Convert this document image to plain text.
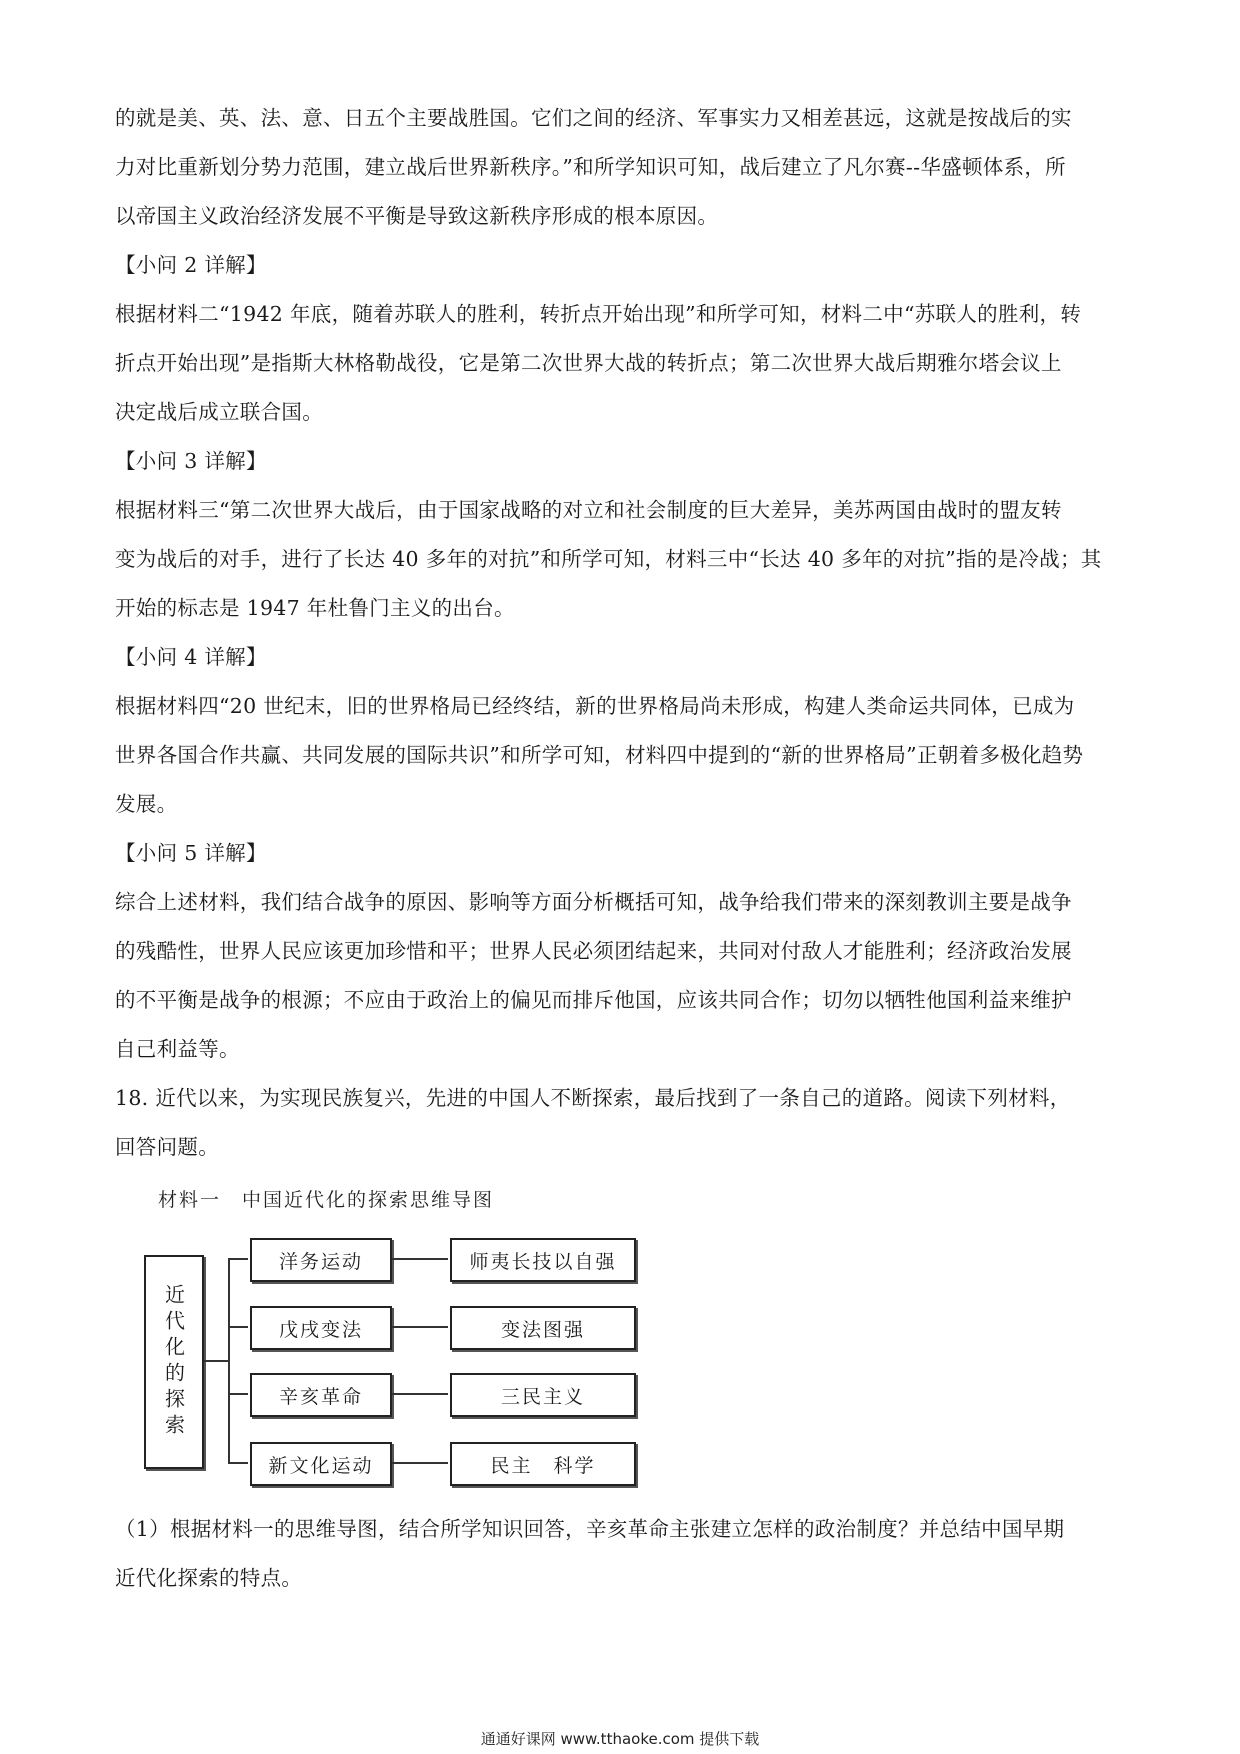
的就是美、英、法、意、日五个主要战胜国。它们之间的经济、军事实力又相差甚远，这就是按战后的实
力对比重新划分势力范围，建立战后世界新秩序。”和所学知识可知，战后建立了凡尔赛--华盛顿体系，所
以帝国主义政治经济发展不平衡是导致这新秩序形成的根本原因。
【小问 2 详解】
根据材料二“1942 年底，随着苏联人的胜利，转折点开始出现”和所学可知，材料二中“苏联人的胜利，转
折点开始出现”是指斯大林格勒战役，它是第二次世界大战的转折点；第二次世界大战后期雅尔塔会议上
决定战后成立联合国。
【小问 3 详解】
根据材料三“第二次世界大战后，由于国家战略的对立和社会制度的巨大差异，美苏两国由战时的盟友转
变为战后的对手，进行了长达 40 多年的对抗”和所学可知，材料三中“长达 40 多年的对抗”指的是冷战；其
开始的标志是 1947 年杜鲁门主义的出台。
【小问 4 详解】
根据材料四“20 世纪末，旧的世界格局已经终结，新的世界格局尚未形成，构建人类命运共同体，已成为
世界各国合作共赢、共同发展的国际共识”和所学可知，材料四中提到的“新的世界格局”正朝着多极化趋势
发展。
【小问 5 详解】
综合上述材料，我们结合战争的原因、影响等方面分析概括可知，战争给我们带来的深刻教训主要是战争
的残酷性，世界人民应该更加珍惜和平；世界人民必须团结起来，共同对付敌人才能胜利；经济政治发展
的不平衡是战争的根源；不应由于政治上的偏见而排斥他国，应该共同合作；切勿以牺牲他国利益来维护
自己利益等。
18. 近代以来，为实现民族复兴，先进的中国人不断探索，最后找到了一条自己的道路。阅读下列材料，
回答问题。
材料一　中国近代化的探索思维导图
近代化的探索
洋务运动
戊戌变法
辛亥革命
新文化运动
师夷长技以自强
变法图强
三民主义
民主　科学
（1）根据材料一的思维导图，结合所学知识回答，辛亥革命主张建立怎样的政治制度？并总结中国早期
近代化探索的特点。
通通好课网 www.tthaoke.com 提供下载
